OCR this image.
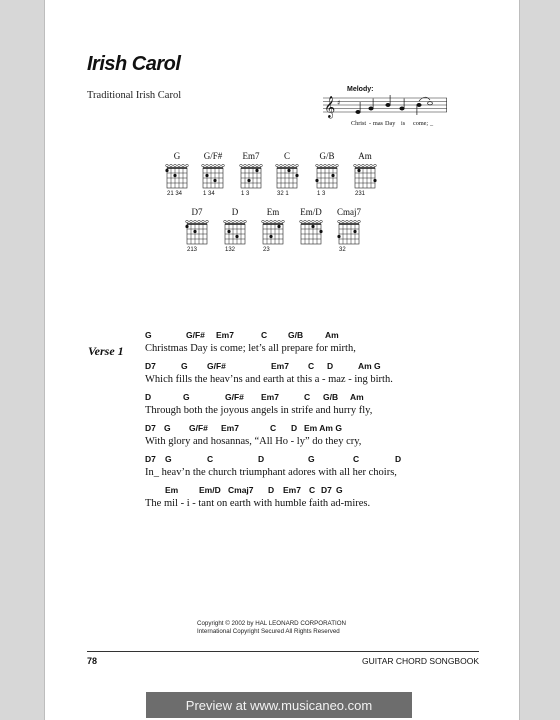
Irish Carol
Traditional Irish Carol
Melody:
𝄞 ♯
Christ - mas Day is come; _
G
21 34
G/F#
1 34
Em7
1 3
C
32 1
G/B
1 3
Am
231
D7
213
D
132
Em
23
Em/D Cmaj7
32
Verse 1
G	G/F# Em7	C G/B	Am
Christmas Day is come; let’s all prepare for mirth,
D7	G G/F#	Em7 C D	Am G
Which fills the heav’ns and earth at this a - maz - ing birth.
D	G	G/F# Em7	C G/B Am
Through both the joyous angels in strife and hurry fly,
D7 G G/F# Em7	C D Em Am G
With glory and hosannas, “All Ho - ly” do they cry,
D7 G	C	D	G	C	D
In_ heav’n the church triumphant adores with all her choirs,
Em Em/D Cmaj7 D Em7 C D7 G
The mil - i - tant on earth with humble faith ad-mires.
Copyright © 2002 by HAL LEONARD CORPORATION
International Copyright Secured All Rights Reserved
78	GUITAR CHORD SONGBOOK
Preview at www.musicaneo.com
